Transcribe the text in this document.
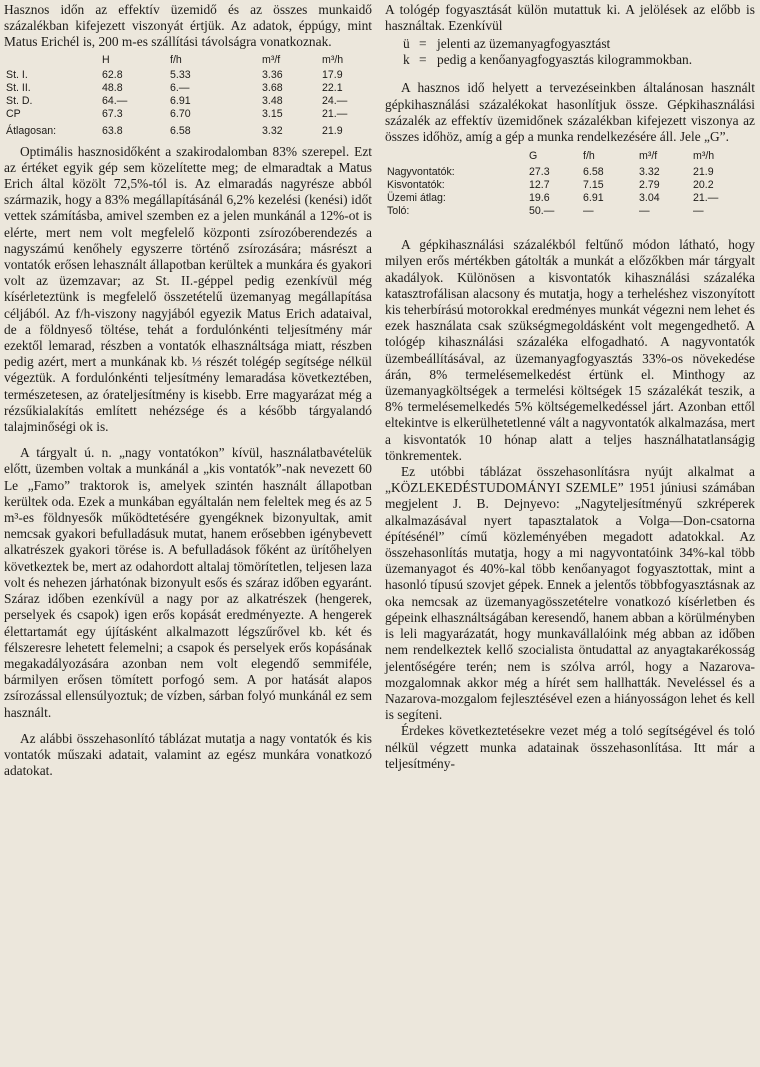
Hasznos időn az effektív üzemidő és az összes munkaidő százalékban kifejezett viszonyát értjük. Az adatok, éppúgy, mint Matus Erichél is, 200 m-es szállítási távolságra vonatkoznak.

	H	f/h	m³/f	m³/h
St. I.	62.8	5.33	3.36	17.9
St. II.	48.8	6.—	3.68	22.1
St. D.	64.—	6.91	3.48	24.—
CP	67.3	6.70	3.15	21.—
Átlagosan:	63.8	6.58	3.32	21.9

Optimális hasznosidőként a szakirodalomban 83% szerepel. Ezt az értéket egyik gép sem közelítette meg; de elmaradtak a Matus Erich által közölt 72,5%-tól is. Az elmaradás nagyrésze abból származik, hogy a 83% megállapításánál 6,2% kezelési (kenési) időt vettek számításba, amivel szemben ez a jelen munkánál a 12%-ot is elérte, mert nem volt megfelelő központi zsírozóberendezés a nagyszámú kenőhely egyszerre történő zsírozására; másrészt a vontatók erősen lehasznált állapotban kerültek a munkára és gyakori volt az üzemzavar; az St. II.-géppel pedig ezenkívül még kísérleteztünk is megfelelő összetételű üzemanyag megállapítása céljából. Az f/h-viszony nagyjából egyezik Matus Erich adataival, de a földnyeső töltése, tehát a fordulónkénti teljesítmény már ezektől lemarad, részben a vontatók elhasználtsága miatt, részben pedig azért, mert a munkának kb. ⅓ részét tolégép segítsége nélkül végeztük. A fordulónkénti teljesítmény lemaradása következtében, természetesen, az órateljesítmény is kisebb. Erre magyarázat még a rézsűkialakítás említett nehézsége és a később tárgyalandó talajminőségi ok is.

A tárgyalt ú. n. „nagy vontatókon” kívül, használatbavételük előtt, üzemben voltak a munkánál a „kis vontatók”-nak nevezett 60 Le „Famo” traktorok is, amelyek szintén használt állapotban kerültek oda. Ezek a munkában egyáltalán nem feleltek meg és az 5 m³-es földnyesők működtetésére gyengéknek bizonyultak, amit nemcsak gyakori befulladásuk mutat, hanem erősebben igénybevett alkatrészek gyakori törése is. A befulladások főként az ürítőhelyen következtek be, mert az odahordott altalaj tömörítetlen, teljesen laza volt és nehezen járhatónak bizonyult esős és száraz időben egyaránt. Száraz időben ezenkívül a nagy por az alkatrészek (hengerek, perselyek és csapok) igen erős kopását eredményezte. A hengerek élettartamát egy újításként alkalmazott légszűrővel kb. két és félszeresre lehetett felemelni; a csapok és perselyek erős kopásának megakadályozására azonban nem volt elegendő semmiféle, bármilyen erősen tömített porfogó sem. A por hatását alapos zsírozással ellensúlyoztuk; de vízben, sárban folyó munkánál ez sem használt.

Az alábbi összehasonlító táblázat mutatja a nagy vontatók és kis vontatók műszaki adatait, valamint az egész munkára vonatkozó adatokat.

A tológép fogyasztását külön mutattuk ki. A jelölések az előbb is használtak. Ezenkívül

ü = jelenti az üzemanyagfogyasztást
k = pedig a kenőanyagfogyasztás kilogrammokban.

A hasznos idő helyett a tervezéseinkben általánosan használt gépkihasználási százalékokat hasonlítjuk össze. Gépkihasználási százalék az effektív üzemidőnek százalékban kifejezett viszonya az összes időhöz, amíg a gép a munka rendelkezésére áll. Jele „G”.

	G	f/h	m³/f	m³/h
Nagyvontatók:	27.3	6.58	3.32	21.9
Kisvontatók:	12.7	7.15	2.79	20.2
Üzemi átlag:	19.6	6.91	3.04	21.—
Toló:	50.—	—	—	—

A gépkihasználási százalékból feltűnő módon látható, hogy milyen erős mértékben gátolták a munkát a előzőkben már tárgyalt akadályok. Különösen a kisvontatók kihasználási százaléka katasztrofálisan alacsony és mutatja, hogy a terheléshez viszonyított kis teherbírású motorokkal eredményes munkát végezni nem lehet és ezek használata csak szükségmegoldásként volt megengedhető. A tológép kihasználási százaléka elfogadható. A nagyvontatók üzembeállításával, az üzemanyagfogyasztás 33%-os növekedése árán, 8% termelésemelkedést értünk el. Minthogy az üzemanyagköltségek a termelési költségek 15 százalékát teszik, a 8% termelésemelkedés 5% költségemelkedéssel járt. Azonban ettől eltekintve is elkerülhetetlenné vált a nagyvontatók alkalmazása, mert a kisvontatók 10 hónap alatt a teljes használhatatlanságig tönkrementek.

Ez utóbbi táblázat összehasonlításra nyújt alkalmat a „KÖZLEKEDÉSTUDOMÁNYI SZEMLE” 1951 júniusi számában megjelent J. B. Dejnyevo: „Nagyteljesítményű szkréperek alkalmazásával nyert tapasztalatok a Volga—Don-csatorna építésénél” című közleményében megadott adatokkal. Az összehasonlítás mutatja, hogy a mi nagyvontatóink 34%-kal több üzemanyagot és 40%-kal több kenőanyagot fogyasztottak, mint a hasonló típusú szovjet gépek. Ennek a jelentős többfogyasztásnak az oka nemcsak az üzemanyagösszetételre vonatkozó kísérletben és gépeink elhasználtságában keresendő, hanem abban a körülményben is leli magyarázatát, hogy munkavállalóink még abban az időben nem rendelkeztek kellő szocialista öntudattal az anyagtakarékosság jelentőségére terén; nem is szólva arról, hogy a Nazarova-mozgalomnak akkor még a hírét sem hallhatták. Neveléssel és a Nazarova-mozgalom fejlesztésével ezen a hiányosságon lehet és kell is segíteni.

Érdekes következtetésekre vezet még a toló segítségével és toló nélkül végzett munka adatainak összehasonlítása. Itt már a teljesítmény-
